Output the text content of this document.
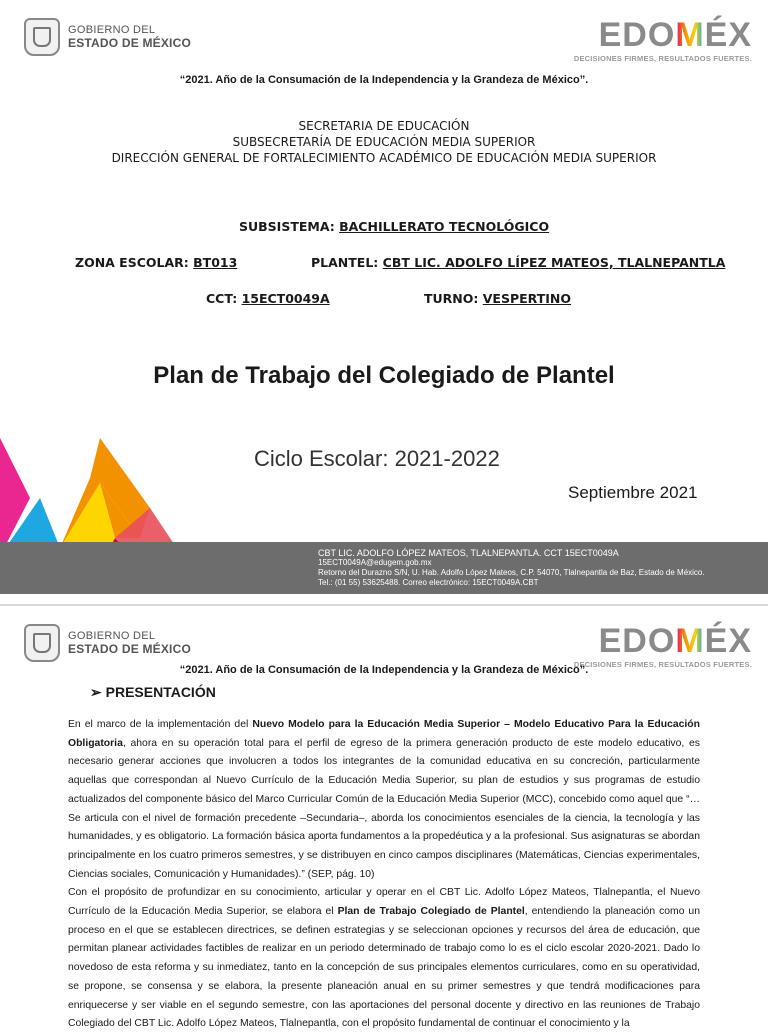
GOBIERNO DEL
ESTADO DE MÉXICO	EDOMÉX
DECISIONES FIRMES, RESULTADOS FUERTES.
“2021. Año de la Consumación de la Independencia y la Grandeza de México”.
SECRETARIA DE EDUCACIÓN
SUBSECRETARÍA DE EDUCACIÓN MEDIA SUPERIOR
DIRECCIÓN GENERAL DE FORTALECIMIENTO ACADÉMICO DE EDUCACIÓN MEDIA SUPERIOR
SUBSISTEMA: BACHILLERATO TECNOLÓGICO
ZONA ESCOLAR: BT013	PLANTEL: CBT LIC. ADOLFO LÍPEZ MATEOS, TLALNEPANTLA
CCT: 15ECT0049A	TURNO: VESPERTINO
Plan de Trabajo del Colegiado de Plantel
Ciclo Escolar: 2021-2022
Septiembre 2021
CBT LIC. ADOLFO LÓPEZ MATEOS, TLALNEPANTLA. CCT 15ECT0049A
15ECT0049A@edugem.gob.mx
Retorno del Durazno S/N, U. Hab. Adolfo López Mateos, C.P. 54070, Tlalnepantla de Baz, Estado de México.
Tel.: (01 55) 53625488. Correo electrónico: 15ECT0049A.CBT
GOBIERNO DEL
ESTADO DE MÉXICO	EDOMÉX
DECISIONES FIRMES, RESULTADOS FUERTES.
“2021. Año de la Consumación de la Independencia y la Grandeza de México”.
➢ PRESENTACIÓN

En el marco de la implementación del Nuevo Modelo para la Educación Media Superior – Modelo Educativo Para la Educación Obligatoria, ahora en su operación total para el perfil de egreso de la primera generación producto de este modelo educativo, es necesario generar acciones que involucren a todos los integrantes de la comunidad educativa en su concreción, particularmente aquellas que correspondan al Nuevo Currículo de la Educación Media Superior, su plan de estudios y sus programas de estudio actualizados del componente básico del Marco Curricular Común de la Educación Media Superior (MCC), concebido como aquel que “…Se articula con el nivel de formación precedente –Secundaria–, aborda los conocimientos esenciales de la ciencia, la tecnología y las humanidades, y es obligatorio. La formación básica aporta fundamentos a la propedéutica y a la profesional. Sus asignaturas se abordan principalmente en los cuatro primeros semestres, y se distribuyen en cinco campos disciplinares (Matemáticas, Ciencias experimentales, Ciencias sociales, Comunicación y Humanidades).” (SEP, pág. 10)

Con el propósito de profundizar en su conocimiento, articular y operar en el CBT Lic. Adolfo López Mateos, Tlalnepantla, el Nuevo Currículo de la Educación Media Superior, se elabora el Plan de Trabajo Colegiado de Plantel, entendiendo la planeación como un proceso en el que se establecen directrices, se definen estrategias y se seleccionan opciones y recursos del área de educación, que permitan planear actividades factibles de realizar en un periodo determinado de trabajo como lo es el ciclo escolar 2020-2021. Dado lo novedoso de esta reforma y su inmediatez, tanto en la concepción de sus principales elementos curriculares, como en su operatividad, se propone, se consensa y se elabora, la presente planeación anual en su primer semestres y que tendrá modificaciones para enriquecerse y ser viable en el segundo semestre, con las aportaciones del personal docente y directivo en las reuniones de Trabajo Colegiado del CBT Lic. Adolfo López Mateos, Tlalnepantla, con el propósito fundamental de continuar el conocimiento y la
